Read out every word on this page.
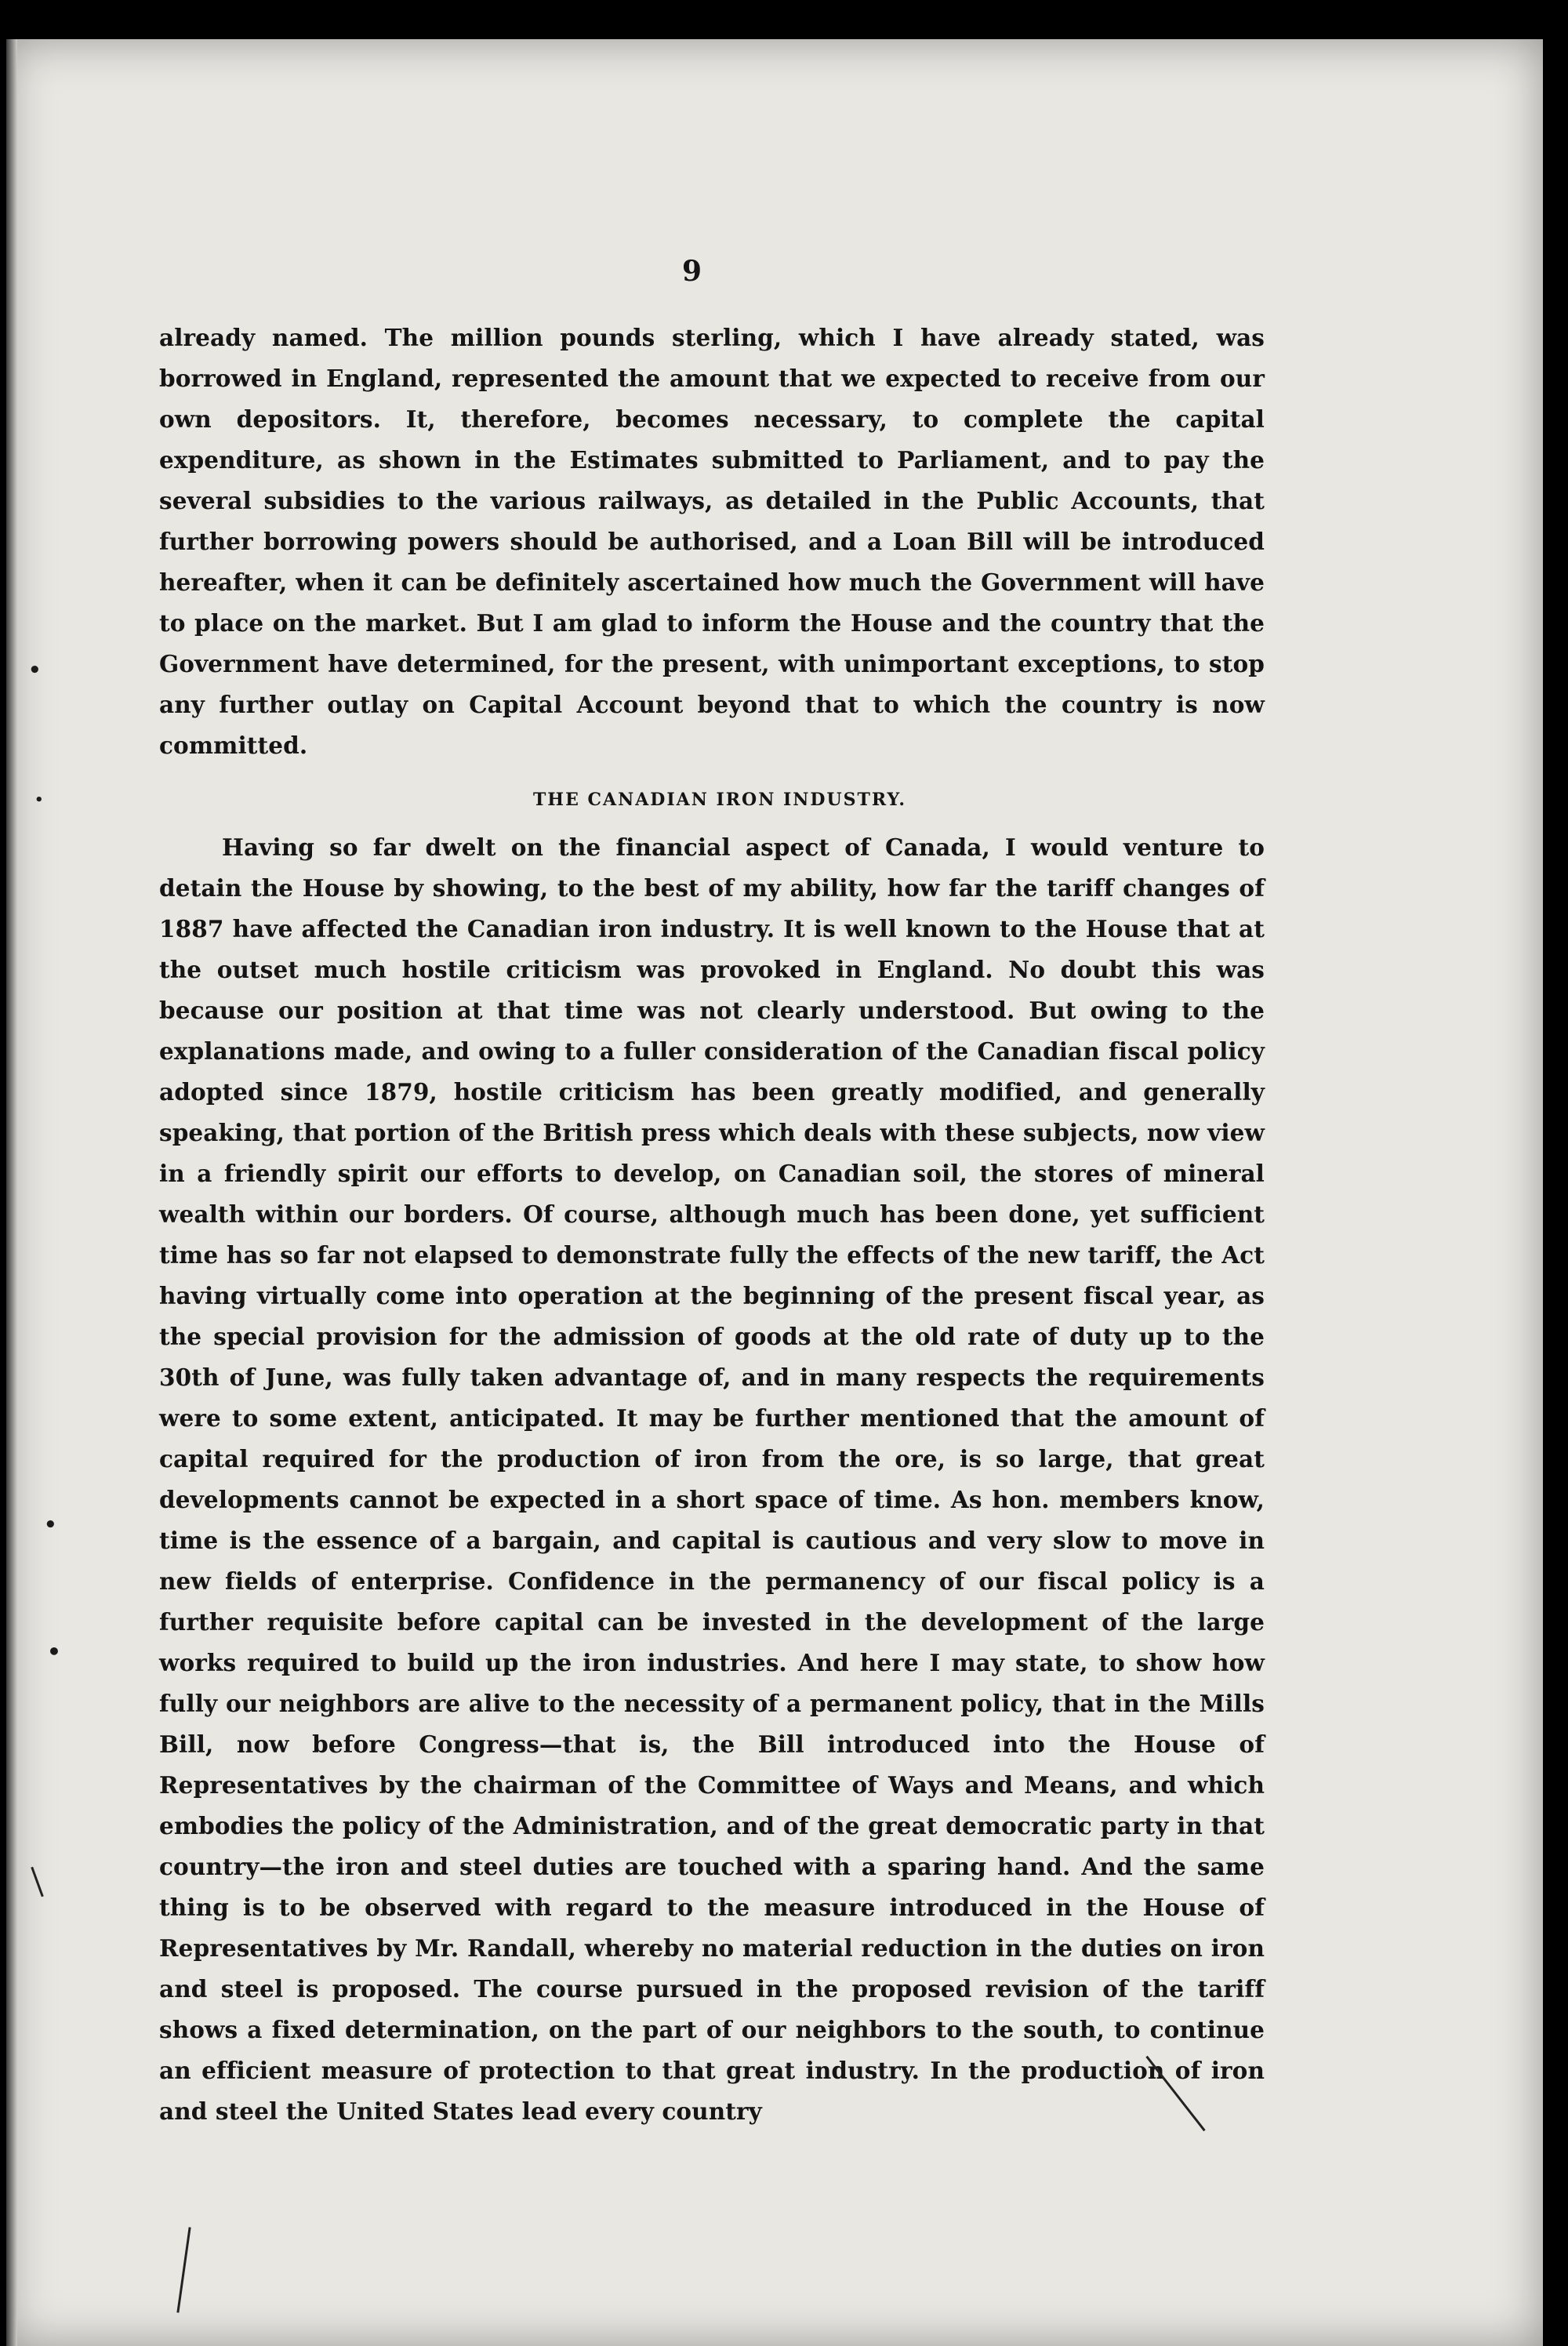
9

already named. The million pounds sterling, which I have already stated, was borrowed in England, represented the amount that we expected to receive from our own depositors. It, therefore, becomes necessary, to complete the capital expenditure, as shown in the Estimates submitted to Parliament, and to pay the several subsidies to the various railways, as detailed in the Public Accounts, that further borrowing powers should be authorised, and a Loan Bill will be introduced hereafter, when it can be definitely ascertained how much the Government will have to place on the market. But I am glad to inform the House and the country that the Government have determined, for the present, with unimportant exceptions, to stop any further outlay on Capital Account beyond that to which the country is now committed.

THE CANADIAN IRON INDUSTRY.

Having so far dwelt on the financial aspect of Canada, I would venture to detain the House by showing, to the best of my ability, how far the tariff changes of 1887 have affected the Canadian iron industry. It is well known to the House that at the outset much hostile criticism was provoked in England. No doubt this was because our position at that time was not clearly understood. But owing to the explanations made, and owing to a fuller consideration of the Canadian fiscal policy adopted since 1879, hostile criticism has been greatly modified, and generally speaking, that portion of the British press which deals with these subjects, now view in a friendly spirit our efforts to develop, on Canadian soil, the stores of mineral wealth within our borders. Of course, although much has been done, yet sufficient time has so far not elapsed to demonstrate fully the effects of the new tariff, the Act having virtually come into operation at the beginning of the present fiscal year, as the special provision for the admission of goods at the old rate of duty up to the 30th of June, was fully taken advantage of, and in many respects the requirements were to some extent, anticipated. It may be further mentioned that the amount of capital required for the production of iron from the ore, is so large, that great developments cannot be expected in a short space of time. As hon. members know, time is the essence of a bargain, and capital is cautious and very slow to move in new fields of enterprise. Confidence in the permanency of our fiscal policy is a further requisite before capital can be invested in the development of the large works required to build up the iron industries. And here I may state, to show how fully our neighbors are alive to the necessity of a permanent policy, that in the Mills Bill, now before Congress—that is, the Bill introduced into the House of Representatives by the chairman of the Committee of Ways and Means, and which embodies the policy of the Administration, and of the great democratic party in that country—the iron and steel duties are touched with a sparing hand. And the same thing is to be observed with regard to the measure introduced in the House of Representatives by Mr. Randall, whereby no material reduction in the duties on iron and steel is proposed. The course pursued in the proposed revision of the tariff shows a fixed determination, on the part of our neighbors to the south, to continue an efficient measure of protection to that great industry. In the production of iron and steel the United States lead every country

•
•
•
•
